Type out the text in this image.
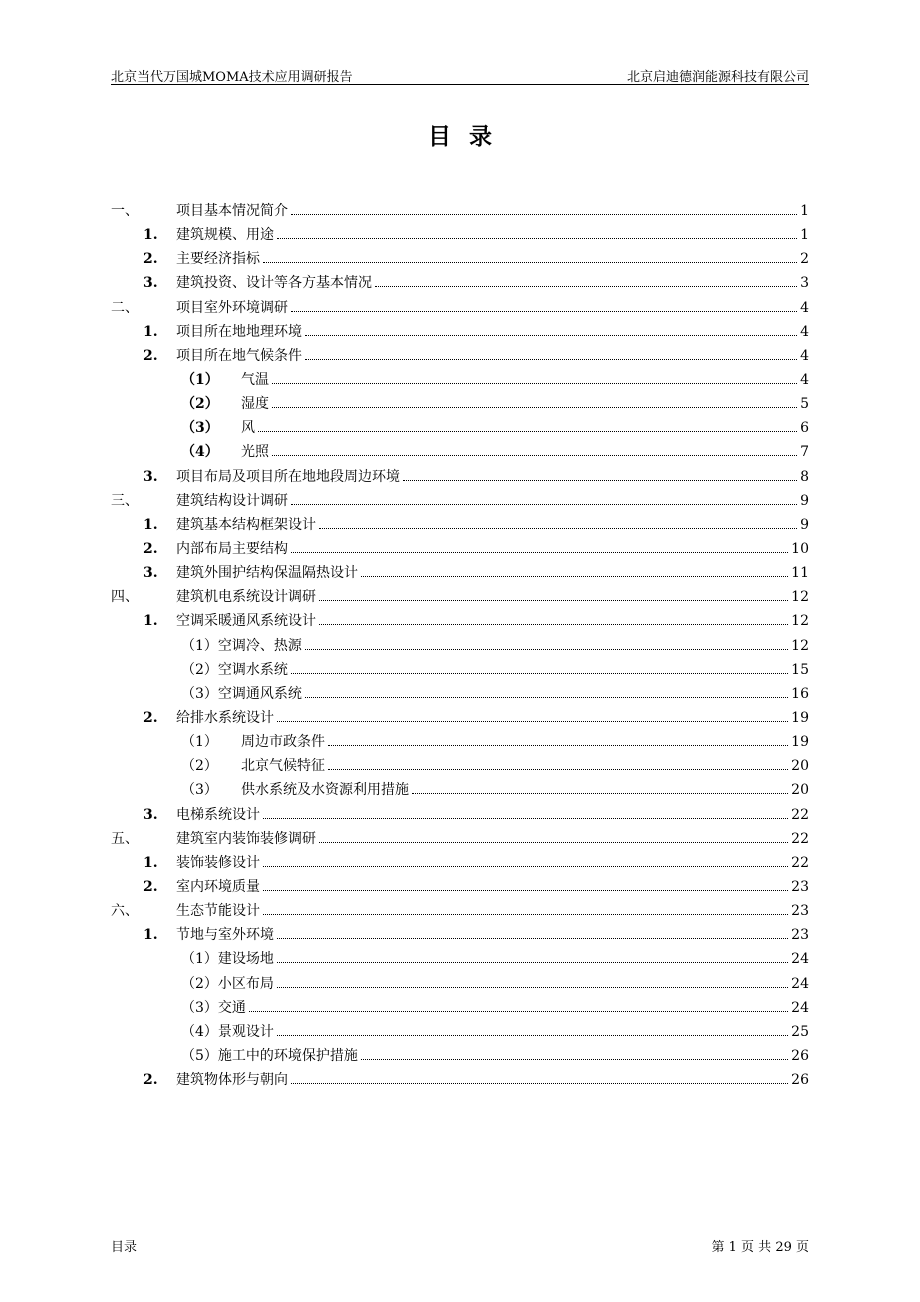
北京当代万国城MOMA技术应用调研报告	北京启迪德润能源科技有限公司
目录
一、	项目基本情况简介	1
1. 建筑规模、用途	1
2. 主要经济指标	2
3. 建筑投资、设计等各方基本情况	3
二、	项目室外环境调研	4
1. 项目所在地地理环境	4
2. 项目所在地气候条件	4
（1） 气温	4
（2） 湿度	5
（3） 风	6
（4） 光照	7
3. 项目布局及项目所在地地段周边环境	8
三、	建筑结构设计调研	9
1. 建筑基本结构框架设计	9
2. 内部布局主要结构	10
3. 建筑外围护结构保温隔热设计	11
四、	建筑机电系统设计调研	12
1. 空调采暖通风系统设计	12
（1）空调冷、热源	12
（2）空调水系统	15
（3）空调通风系统	16
2. 给排水系统设计	19
（1） 周边市政条件	19
（2） 北京气候特征	20
（3） 供水系统及水资源利用措施	20
3. 电梯系统设计	22
五、	建筑室内装饰装修调研	22
1. 装饰装修设计	22
2. 室内环境质量	23
六、	生态节能设计	23
1. 节地与室外环境	23
（1）建设场地	24
（2）小区布局	24
（3）交通	24
（4）景观设计	25
（5）施工中的环境保护措施	26
2. 建筑物体形与朝向	26
目录	第 1 页 共 29 页
